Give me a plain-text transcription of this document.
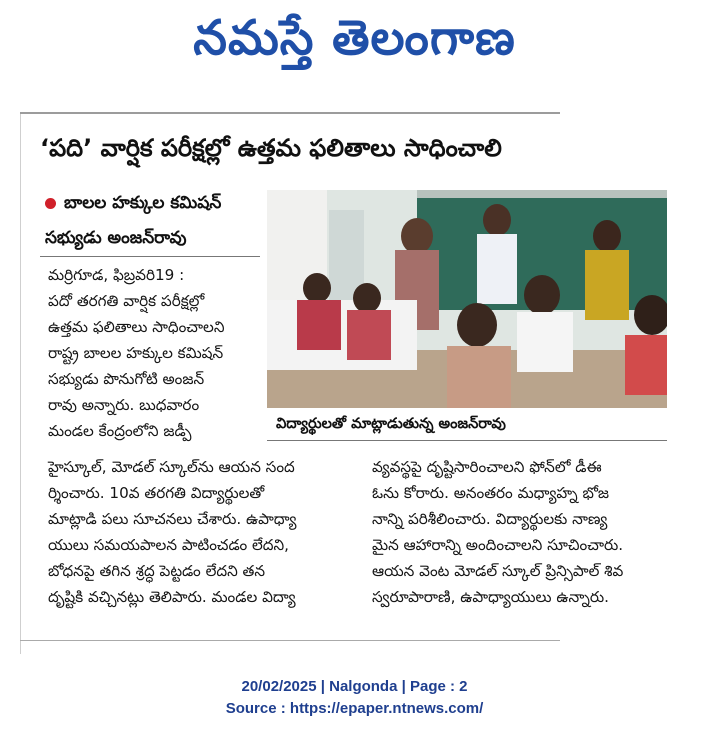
నమస్తే తెలంగాణ
‘పది’ వార్షిక పరీక్షల్లో ఉత్తమ ఫలితాలు సాధించాలి
బాలల హక్కుల కమిషన్
సభ్యుడు అంజన్‌రావు
మర్రిగూడ, ఫిబ్రవరి19 :
పదో తరగతి వార్షిక పరీక్షల్లో
ఉత్తమ ఫలితాలు సాధించాలని
రాష్ట్ర బాలల హక్కుల కమిషన్
సభ్యుడు పొనుగోటి అంజన్
రావు అన్నారు. బుధవారం
మండల కేంద్రంలోని జడ్పీ	విద్యార్థులతో మాట్లాడుతున్న అంజన్‌రావు
హైస్కూల్, మోడల్ స్కూల్‌ను ఆయన సంద
ర్శించారు. 10వ తరగతి విద్యార్థులతో
మాట్లాడి పలు సూచనలు చేశారు. ఉపాధ్యా
యులు సమయపాలన పాటించడం లేదని,
బోధనపై తగిన శ్రద్ధ పెట్టడం లేదని తన
దృష్టికి వచ్చినట్లు తెలిపారు. మండల విద్యా
వ్యవస్థపై దృష్టిసారించాలని ఫోన్‌లో డీఈ
ఓను కోరారు. అనంతరం మధ్యాహ్న భోజ
నాన్ని పరిశీలించారు. విద్యార్థులకు నాణ్య
మైన ఆహారాన్ని అందించాలని సూచించారు.
ఆయన వెంట మోడల్ స్కూల్ ప్రిన్సిపాల్ శివ
స్వరూపారాణి, ఉపాధ్యాయులు ఉన్నారు.
20/02/2025 | Nalgonda | Page : 2
Source : https://epaper.ntnews.com/
